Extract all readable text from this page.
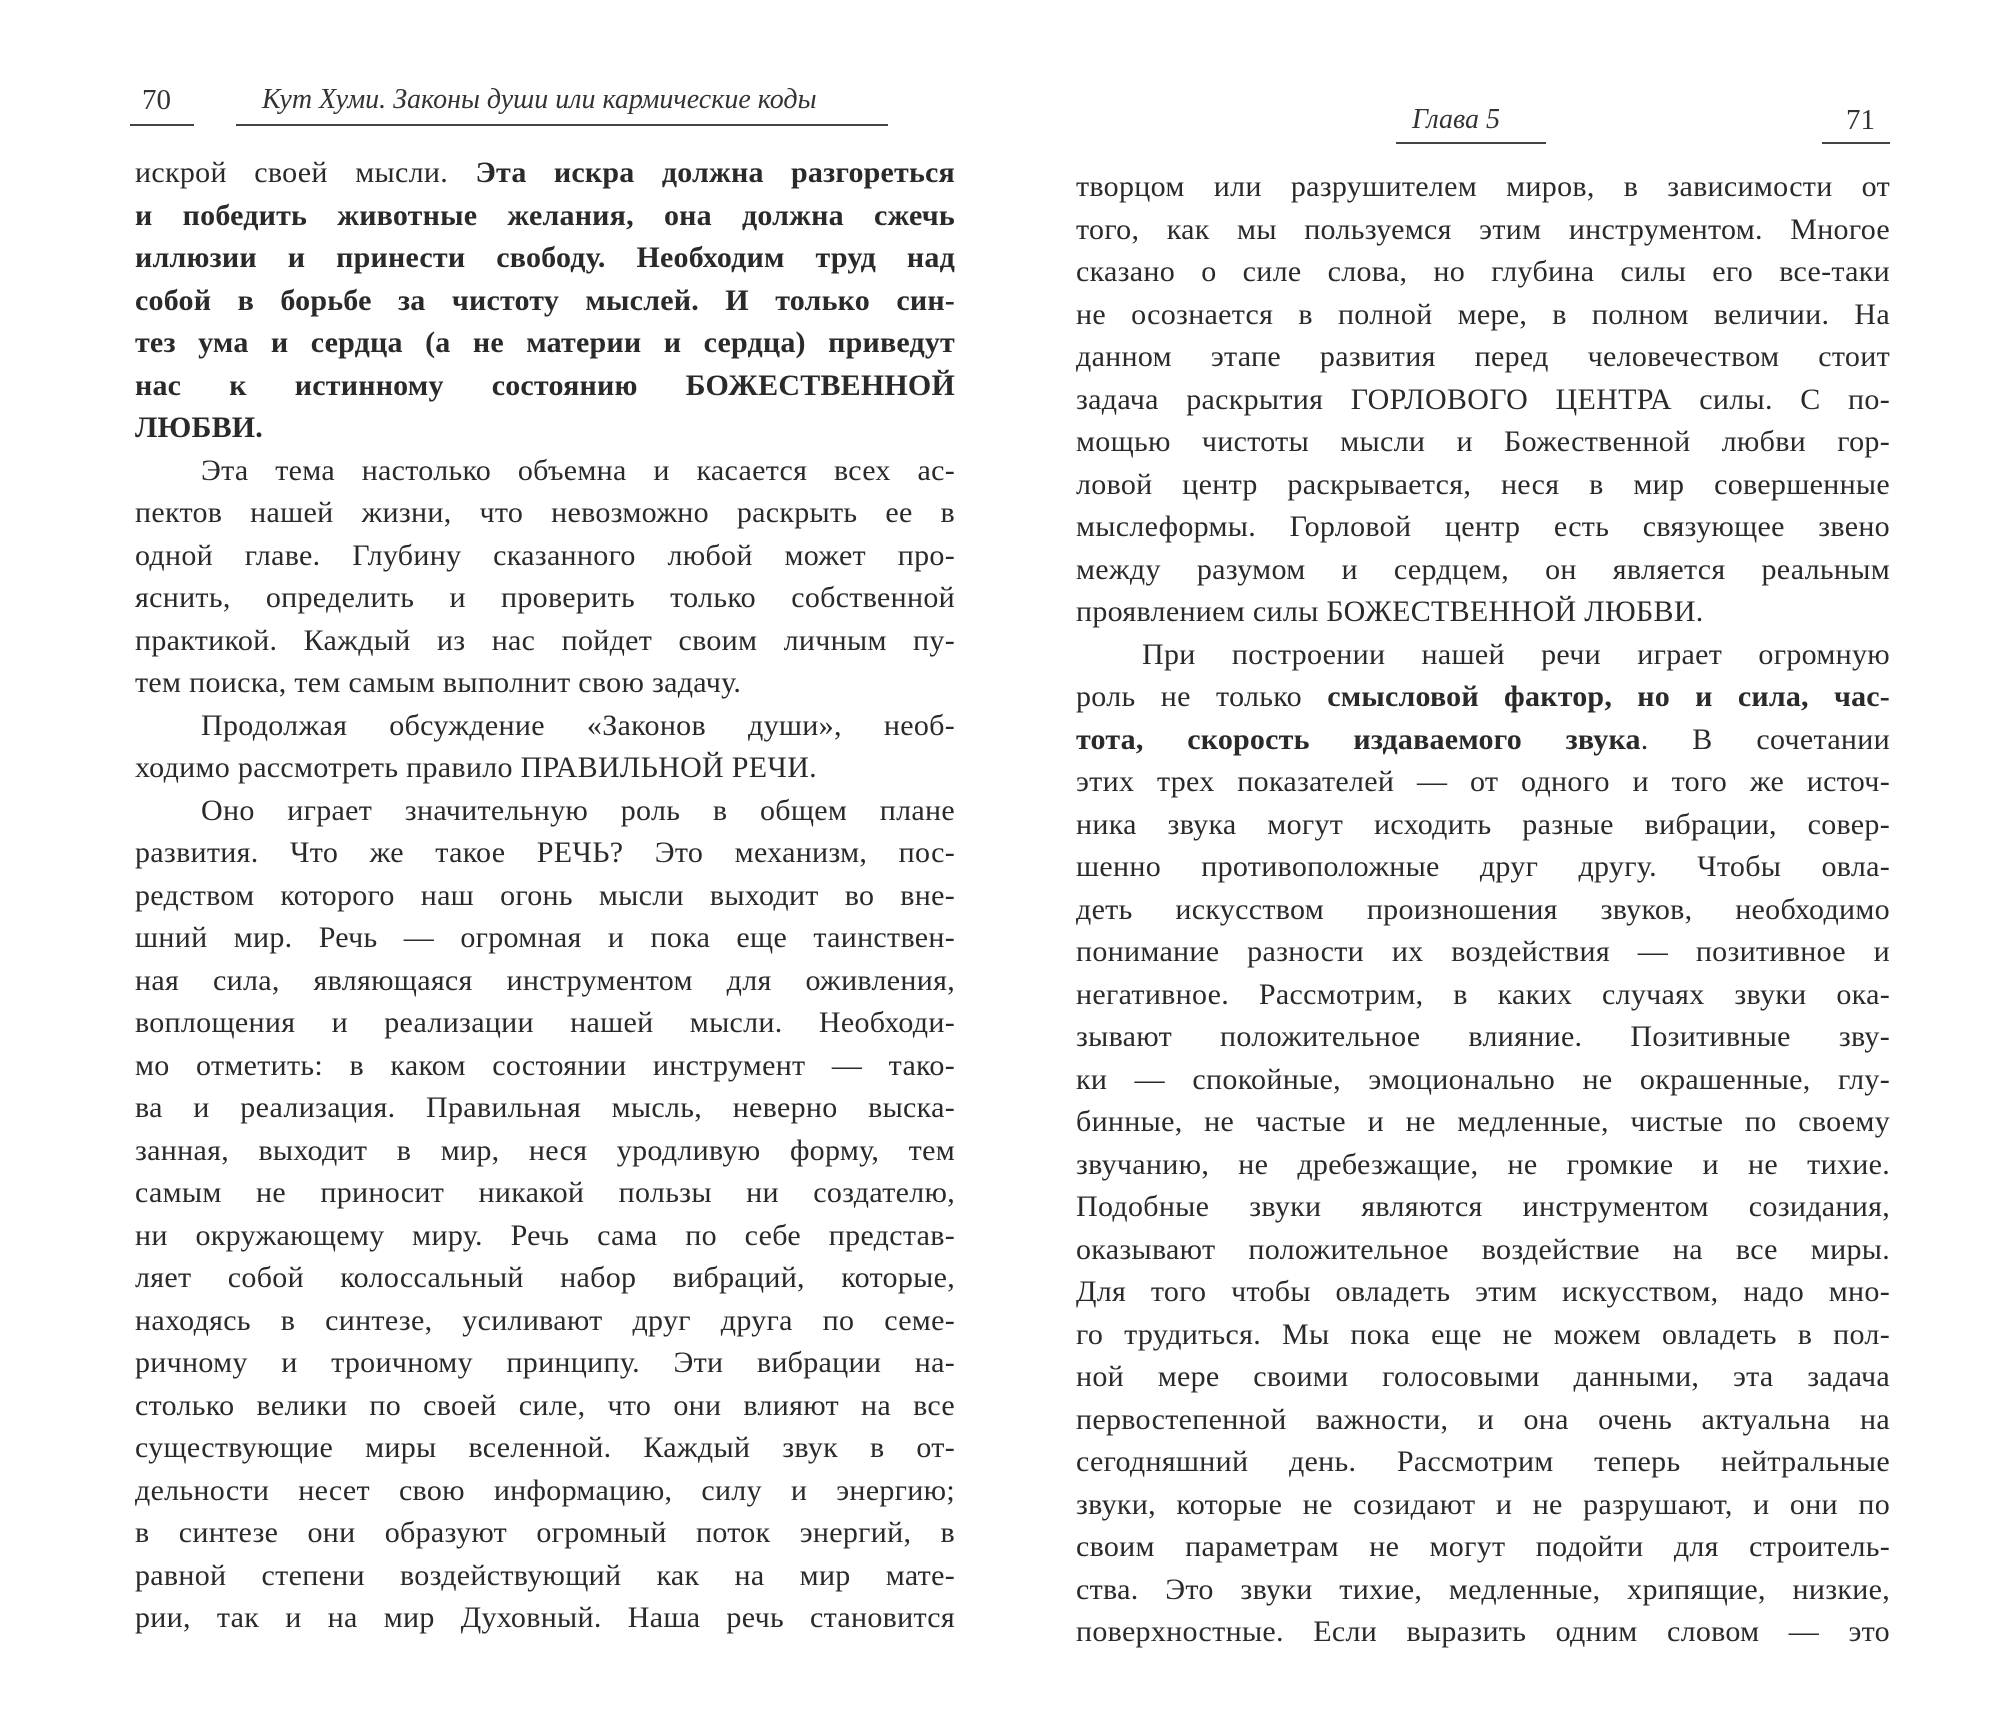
70	Кут Хуми. Законы души или кармические коды
искрой своей мысли. Эта искра должна разгореться
и победить животные желания, она должна сжечь
иллюзии и принести свободу. Необходим труд над
собой в борьбе за чистоту мыслей. И только син-
тез ума и сердца (а не материи и сердца) приведут
нас к истинному состоянию БОЖЕСТВЕННОЙ
ЛЮБВИ.
Эта тема настолько объемна и касается всех ас-
пектов нашей жизни, что невозможно раскрыть ее в
одной главе. Глубину сказанного любой может про-
яснить, определить и проверить только собственной
практикой. Каждый из нас пойдет своим личным пу-
тем поиска, тем самым выполнит свою задачу.
Продолжая обсуждение «Законов души», необ-
ходимо рассмотреть правило ПРАВИЛЬНОЙ РЕЧИ.
Оно играет значительную роль в общем плане
развития. Что же такое РЕЧЬ? Это механизм, пос-
редством которого наш огонь мысли выходит во вне-
шний мир. Речь — огромная и пока еще таинствен-
ная сила, являющаяся инструментом для оживления,
воплощения и реализации нашей мысли. Необходи-
мо отметить: в каком состоянии инструмент — тако-
ва и реализация. Правильная мысль, неверно выска-
занная, выходит в мир, неся уродливую форму, тем
самым не приносит никакой пользы ни создателю,
ни окружающему миру. Речь сама по себе представ-
ляет собой колоссальный набор вибраций, которые,
находясь в синтезе, усиливают друг друга по семе-
ричному и троичному принципу. Эти вибрации на-
столько велики по своей силе, что они влияют на все
существующие миры вселенной. Каждый звук в от-
дельности несет свою информацию, силу и энергию;
в синтезе они образуют огромный поток энергий, в
равной степени воздействующий как на мир мате-
рии, так и на мир Духовный. Наша речь становится
Глава 5	71
творцом или разрушителем миров, в зависимости от
того, как мы пользуемся этим инструментом. Многое
сказано о силе слова, но глубина силы его все-таки
не осознается в полной мере, в полном величии. На
данном этапе развития перед человечеством стоит
задача раскрытия ГОРЛОВОГО ЦЕНТРА силы. С по-
мощью чистоты мысли и Божественной любви гор-
ловой центр раскрывается, неся в мир совершенные
мыслеформы. Горловой центр есть связующее звено
между разумом и сердцем, он является реальным
проявлением силы БОЖЕСТВЕННОЙ ЛЮБВИ.
При построении нашей речи играет огромную
роль не только смысловой фактор, но и сила, час-
тота, скорость издаваемого звука. В сочетании
этих трех показателей — от одного и того же источ-
ника звука могут исходить разные вибрации, совер-
шенно противоположные друг другу. Чтобы овла-
деть искусством произношения звуков, необходимо
понимание разности их воздействия — позитивное и
негативное. Рассмотрим, в каких случаях звуки ока-
зывают положительное влияние. Позитивные зву-
ки — спокойные, эмоционально не окрашенные, глу-
бинные, не частые и не медленные, чистые по своему
звучанию, не дребезжащие, не громкие и не тихие.
Подобные звуки являются инструментом созидания,
оказывают положительное воздействие на все миры.
Для того чтобы овладеть этим искусством, надо мно-
го трудиться. Мы пока еще не можем овладеть в пол-
ной мере своими голосовыми данными, эта задача
первостепенной важности, и она очень актуальна на
сегодняшний день. Рассмотрим теперь нейтральные
звуки, которые не созидают и не разрушают, и они по
своим параметрам не могут подойти для строитель-
ства. Это звуки тихие, медленные, хрипящие, низкие,
поверхностные. Если выразить одним словом — это
